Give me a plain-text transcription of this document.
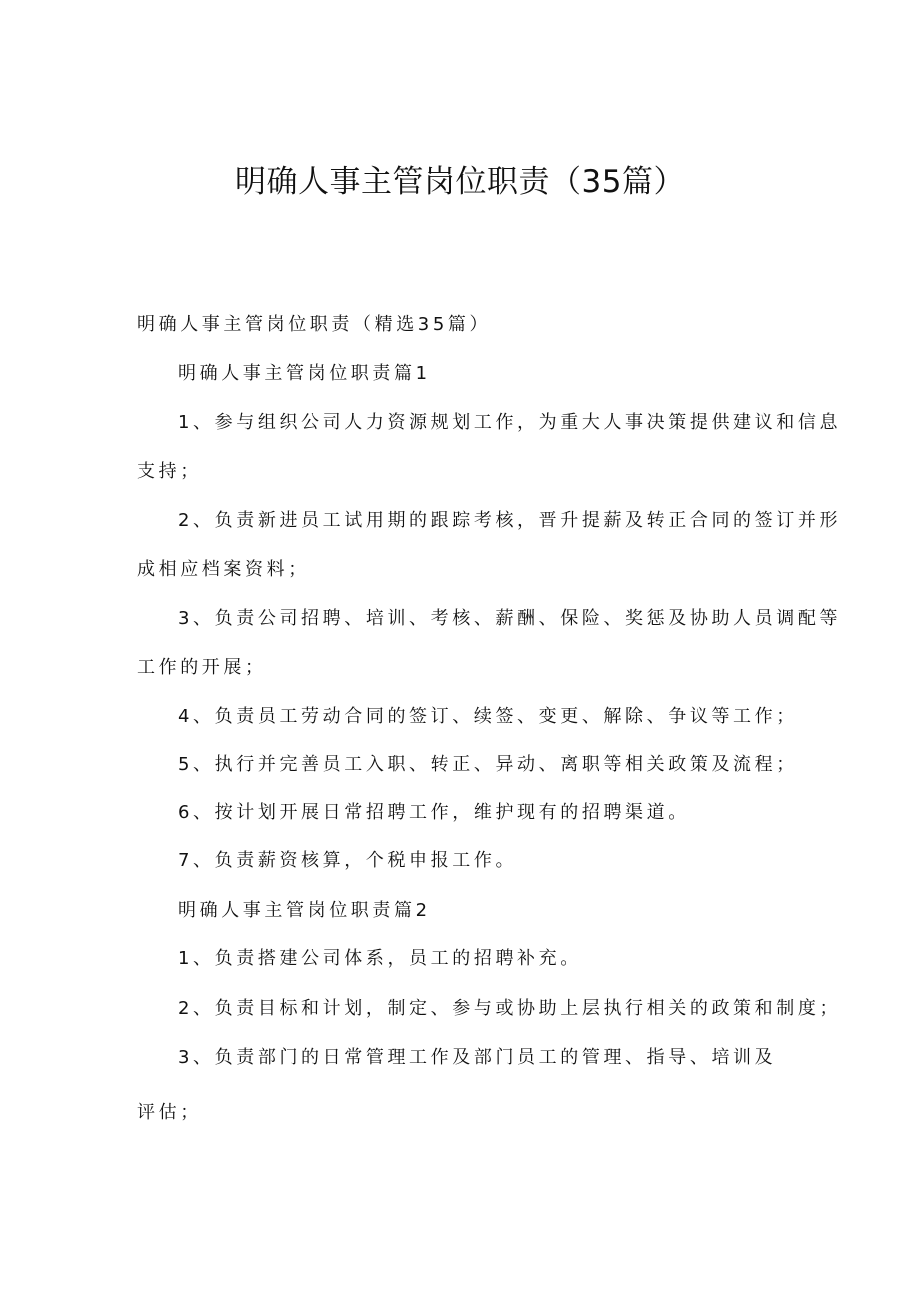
明确人事主管岗位职责（35篇）
明确人事主管岗位职责（精选35篇）
明确人事主管岗位职责篇1
1、参与组织公司人力资源规划工作，为重大人事决策提供建议和信息
支持；
2、负责新进员工试用期的跟踪考核，晋升提薪及转正合同的签订并形
成相应档案资料；
3、负责公司招聘、培训、考核、薪酬、保险、奖惩及协助人员调配等
工作的开展；
4、负责员工劳动合同的签订、续签、变更、解除、争议等工作；
5、执行并完善员工入职、转正、异动、离职等相关政策及流程；
6、按计划开展日常招聘工作，维护现有的招聘渠道。
7、负责薪资核算，个税申报工作。
明确人事主管岗位职责篇2
1、负责搭建公司体系，员工的招聘补充。
2、负责目标和计划，制定、参与或协助上层执行相关的政策和制度；
3、负责部门的日常管理工作及部门员工的管理、指导、培训及
评估；
